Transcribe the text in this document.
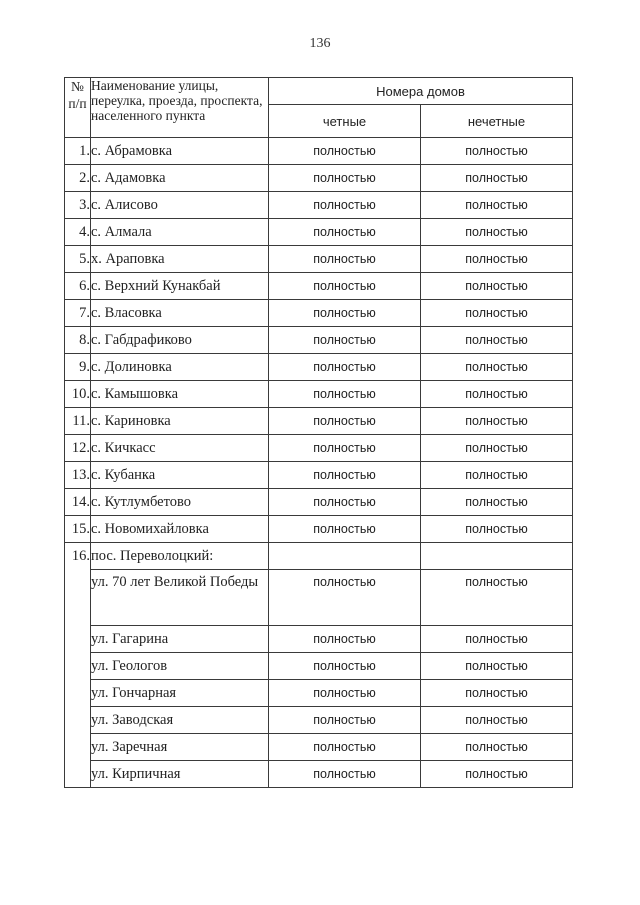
136
№ п/п	Наименование улицы, переулка, проезда, проспекта, населенного пункта	Номера домов	
		четные	нечетные
1.	с. Абрамовка	полностью	полностью
2.	с. Адамовка	полностью	полностью
3.	с. Алисово	полностью	полностью
4.	с. Алмала	полностью	полностью
5.	х. Араповка	полностью	полностью
6.	с. Верхний Кунакбай	полностью	полностью
7.	с. Власовка	полностью	полностью
8.	с. Габдрафиково	полностью	полностью
9.	с. Долиновка	полностью	полностью
10.	с. Камышовка	полностью	полностью
11.	с. Кариновка	полностью	полностью
12.	с. Кичкасс	полностью	полностью
13.	с. Кубанка	полностью	полностью
14.	с. Кутлумбетово	полностью	полностью
15.	с. Новомихайловка	полностью	полностью
16.	пос. Переволоцкий:		
	ул. 70 лет Великой Победы	полностью	полностью
	ул. Гагарина	полностью	полностью
	ул. Геологов	полностью	полностью
	ул. Гончарная	полностью	полностью
	ул. Заводская	полностью	полностью
	ул. Заречная	полностью	полностью
	ул. Кирпичная	полностью	полностью
